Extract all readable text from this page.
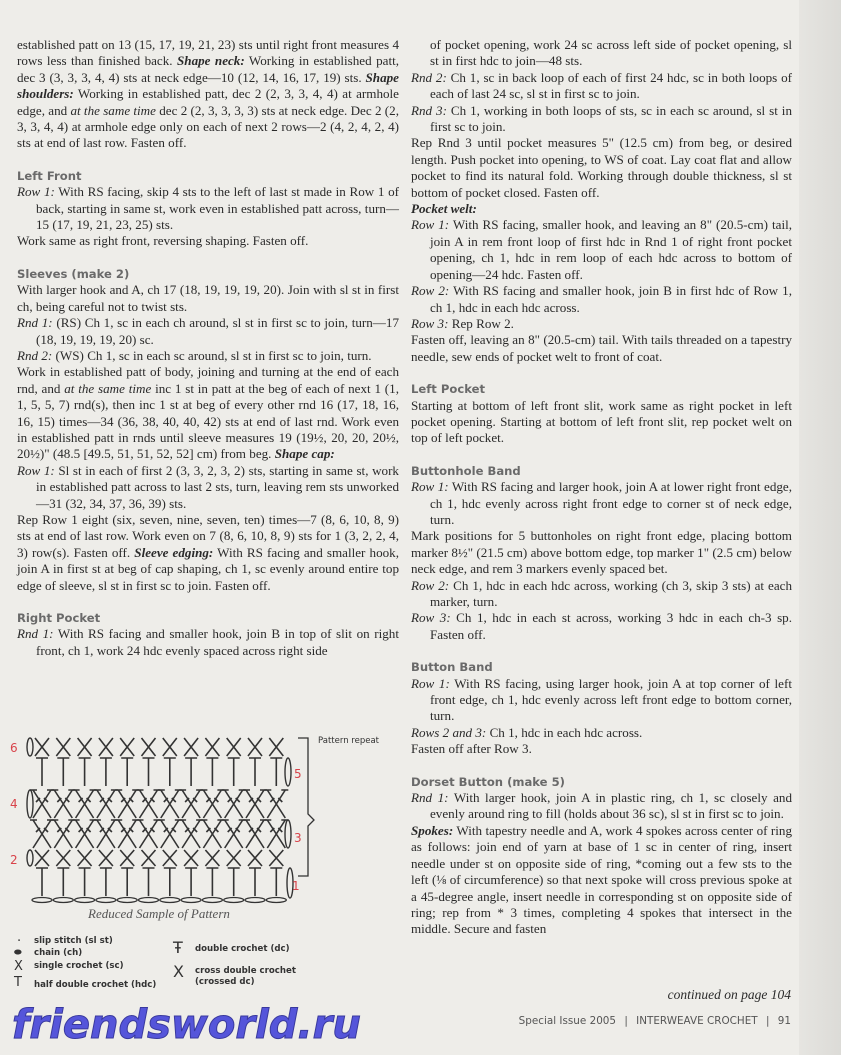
established patt on 13 (15, 17, 19, 21, 23) sts until right front measures 4 rows less than finished back. Shape neck: Working in established patt, dec 3 (3, 3, 3, 4, 4) sts at neck edge—10 (12, 14, 16, 17, 19) sts. Shape shoulders: Working in established patt, dec 2 (2, 3, 3, 4, 4) at armhole edge, and at the same time dec 2 (2, 3, 3, 3, 3) sts at neck edge. Dec 2 (2, 3, 3, 4, 4) at armhole edge only on each of next 2 rows—2 (4, 2, 4, 2, 4) sts at end of last row. Fasten off.

Left Front

Row 1: With RS facing, skip 4 sts to the left of last st made in Row 1 of back, starting in same st, work even in established patt across, turn—15 (17, 19, 21, 23, 25) sts.

Work same as right front, reversing shaping. Fasten off.

Sleeves (make 2)

With larger hook and A, ch 17 (18, 19, 19, 19, 20). Join with sl st in first ch, being careful not to twist sts.

Rnd 1: (RS) Ch 1, sc in each ch around, sl st in first sc to join, turn—17 (18, 19, 19, 19, 20) sc.

Rnd 2: (WS) Ch 1, sc in each sc around, sl st in first sc to join, turn.

Work in established patt of body, joining and turning at the end of each rnd, and at the same time inc 1 st in patt at the beg of each of next 1 (1, 1, 5, 5, 7) rnd(s), then inc 1 st at beg of every other rnd 16 (17, 18, 16, 16, 15) times—34 (36, 38, 40, 40, 42) sts at end of last rnd. Work even in established patt in rnds until sleeve measures 19 (19½, 20, 20, 20½, 20½)" (48.5 [49.5, 51, 51, 52, 52] cm) from beg. Shape cap:

Row 1: Sl st in each of first 2 (3, 3, 2, 3, 2) sts, starting in same st, work in established patt across to last 2 sts, turn, leaving rem sts unworked—31 (32, 34, 37, 36, 39) sts.

Rep Row 1 eight (six, seven, nine, seven, ten) times—7 (8, 6, 10, 8, 9) sts at end of last row. Work even on 7 (8, 6, 10, 8, 9) sts for 1 (3, 2, 2, 4, 3) row(s). Fasten off. Sleeve edging: With RS facing and smaller hook, join A in first st at beg of cap shaping, ch 1, sc evenly around entire top edge of sleeve, sl st in first sc to join. Fasten off.

Right Pocket

Rnd 1: With RS facing and smaller hook, join B in top of slit on right front, ch 1, work 24 hdc evenly spaced across right side

of pocket opening, work 24 sc across left side of pocket opening, sl st in first hdc to join—48 sts.

Rnd 2: Ch 1, sc in back loop of each of first 24 hdc, sc in both loops of each of last 24 sc, sl st in first sc to join.

Rnd 3: Ch 1, working in both loops of sts, sc in each sc around, sl st in first sc to join.

Rep Rnd 3 until pocket measures 5" (12.5 cm) from beg, or desired length. Push pocket into opening, to WS of coat. Lay coat flat and allow pocket to find its natural fold. Working through double thickness, sl st bottom of pocket closed. Fasten off.

Pocket welt:

Row 1: With RS facing, smaller hook, and leaving an 8" (20.5-cm) tail, join A in rem front loop of first hdc in Rnd 1 of right front pocket opening, ch 1, hdc in rem loop of each hdc across to bottom of opening—24 hdc. Fasten off.

Row 2: With RS facing and smaller hook, join B in first hdc of Row 1, ch 1, hdc in each hdc across.

Row 3: Rep Row 2.

Fasten off, leaving an 8" (20.5-cm) tail. With tails threaded on a tapestry needle, sew ends of pocket welt to front of coat.

Left Pocket

Starting at bottom of left front slit, work same as right pocket in left pocket opening. Starting at bottom of left front slit, rep pocket welt on top of left pocket.

Buttonhole Band

Row 1: With RS facing and larger hook, join A at lower right front edge, ch 1, hdc evenly across right front edge to corner st of neck edge, turn.

Mark positions for 5 buttonholes on right front edge, placing bottom marker 8½" (21.5 cm) above bottom edge, top marker 1" (2.5 cm) below neck edge, and rem 3 markers evenly spaced bet.

Row 2: Ch 1, hdc in each hdc across, working (ch 3, skip 3 sts) at each marker, turn.

Row 3: Ch 1, hdc in each st across, working 3 hdc in each ch-3 sp. Fasten off.

Button Band

Row 1: With RS facing, using larger hook, join A at top corner of left front edge, ch 1, hdc evenly across left front edge to bottom corner, turn.

Rows 2 and 3: Ch 1, hdc in each hdc across.

Fasten off after Row 3.

Dorset Button (make 5)

Rnd 1: With larger hook, join A in plastic ring, ch 1, sc closely and evenly around ring to fill (holds about 36 sc), sl st in first sc to join.

Spokes: With tapestry needle and A, work 4 spokes across center of ring as follows: join end of yarn at base of 1 sc in center of ring, insert needle under st on opposite side of ring, *coming out a few sts to the left (⅛ of circumference) so that next spoke will cross previous spoke at a 45-degree angle, insert needle in corresponding st on opposite side of ring; rep from * 3 times, completing 4 spokes that intersect in the middle. Secure and fasten

6
5
4
3
2
1
Pattern repeat
Reduced Sample of Pattern
· slip stitch (sl st)
⬬ chain (ch)
X single crochet (sc)
T half double crochet (hdc)
Ŧ double crochet (dc)
X cross double crochet (crossed dc)
friendsworld.ru
continued on page 104
Special Issue 2005 | INTERWEAVE CROCHET | 91
